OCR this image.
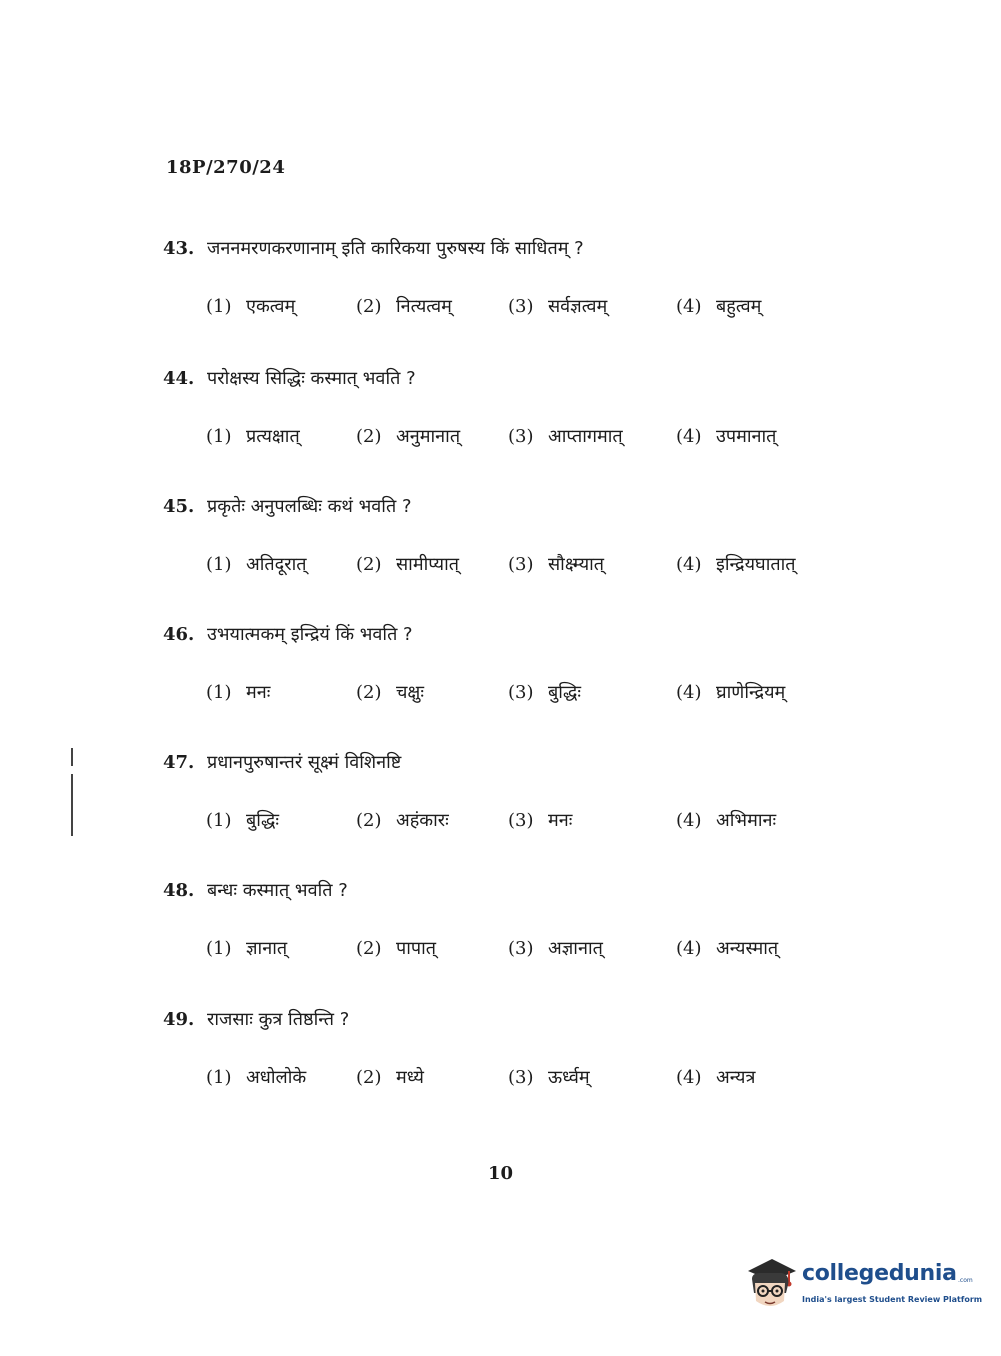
18P/270/24
43. जननमरणकरणानाम् इति कारिकया पुरुषस्य किं साधितम् ?
(1) एकत्वम्	(2) नित्यत्वम्	(3) सर्वज्ञत्वम्	(4) बहुत्वम्
44. परोक्षस्य सिद्धिः कस्मात् भवति ?
(1) प्रत्यक्षात्	(2) अनुमानात्	(3) आप्तागमात्	(4) उपमानात्
45. प्रकृतेः अनुपलब्धिः कथं भवति ?
(1) अतिदूरात्	(2) सामीप्यात्	(3) सौक्ष्म्यात्	(4) इन्द्रियघातात्
46. उभयात्मकम् इन्द्रियं किं भवति ?
(1) मनः	(2) चक्षुः	(3) बुद्धिः	(4) घ्राणेन्द्रियम्
47. प्रधानपुरुषान्तरं सूक्ष्मं विशिनष्टि
(1) बुद्धिः	(2) अहंकारः	(3) मनः	(4) अभिमानः
48. बन्धः कस्मात् भवति ?
(1) ज्ञानात्	(2) पापात्	(3) अज्ञानात्	(4) अन्यस्मात्
49. राजसाः कुत्र तिष्ठन्ति ?
(1) अधोलोके	(2) मध्ये	(3) ऊर्ध्वम्	(4) अन्यत्र
10
collegedunia .com
India's largest Student Review Platform
